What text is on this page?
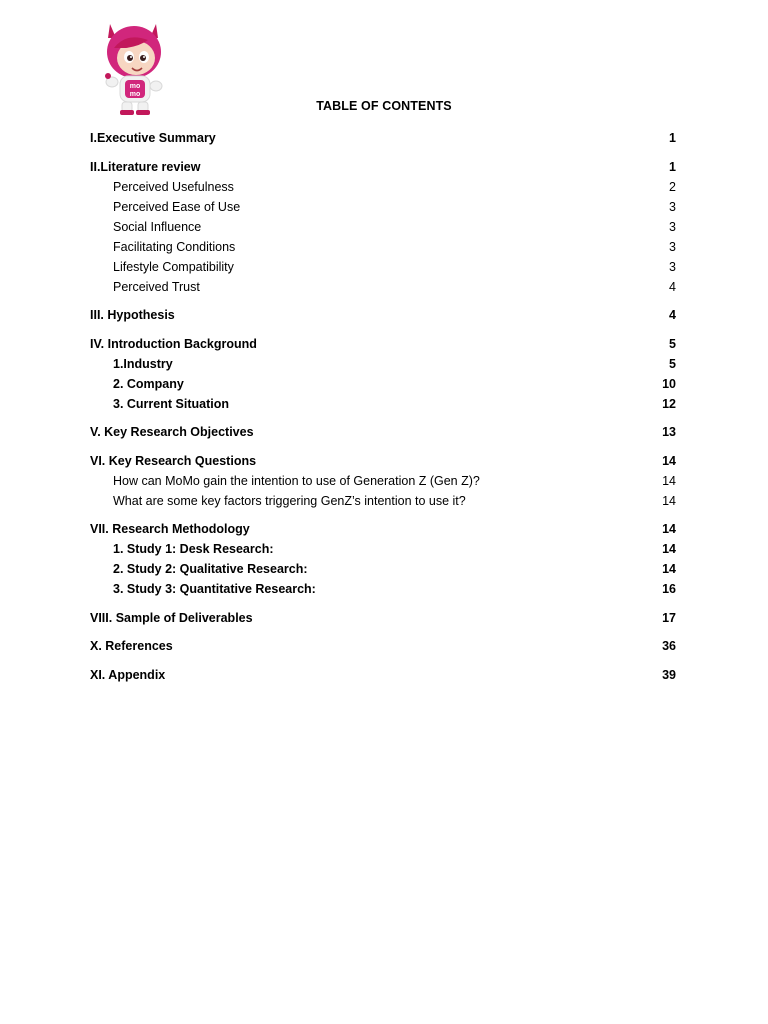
mo
mo
TABLE OF CONTENTS
I.Executive Summary	1
II.Literature review	1
Perceived Usefulness	2
Perceived Ease of Use	3
Social Influence	3
Facilitating Conditions	3
Lifestyle Compatibility	3
Perceived Trust	4
III. Hypothesis	4
IV. Introduction Background	5
1.Industry	5
2. Company	10
3. Current Situation	12
V. Key Research Objectives	13
VI. Key Research Questions	14
How can MoMo gain the intention to use of Generation Z (Gen Z)?	14
What are some key factors triggering GenZ’s intention to use it?	14
VII. Research Methodology	14
1. Study 1: Desk Research:	14
2. Study 2: Qualitative Research:	14
3. Study 3: Quantitative Research:	16
VIII. Sample of Deliverables	17
X. References	36
XI. Appendix	39
